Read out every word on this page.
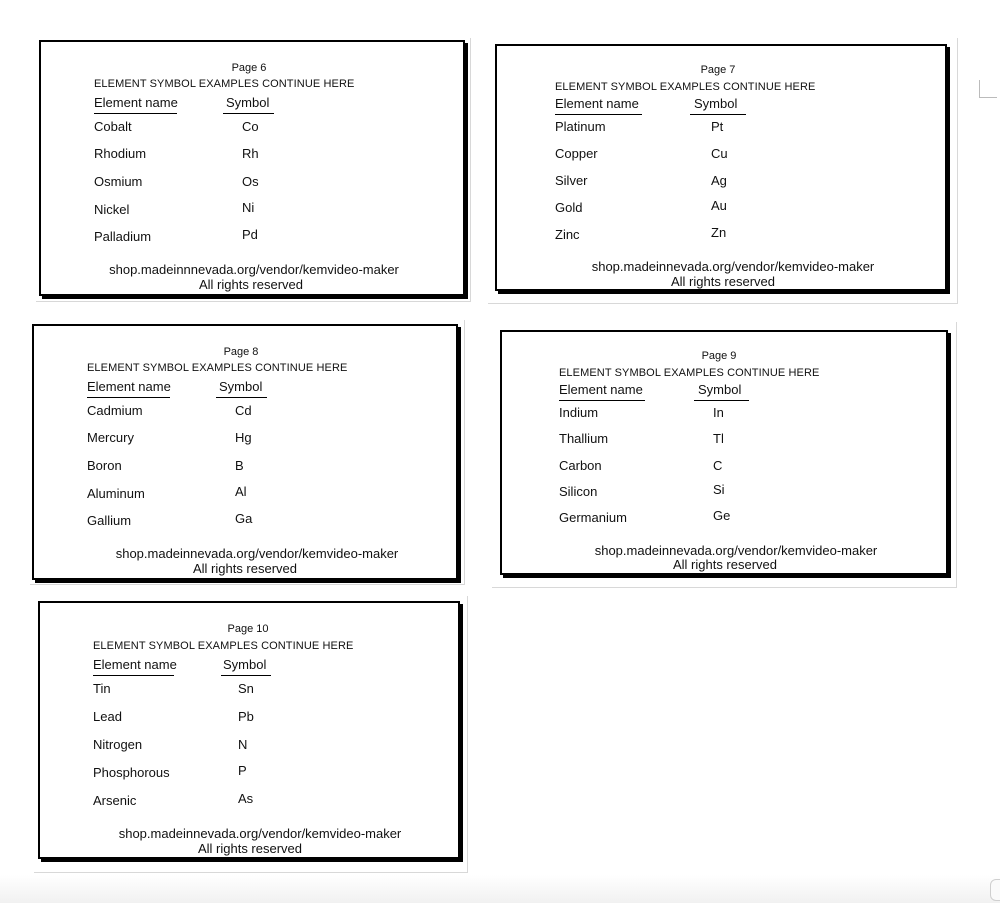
Page 6
ELEMENT SYMBOL EXAMPLES CONTINUE HERE
Element name	Symbol
Cobalt	Co
Rhodium	Rh
Osmium	Os
Nickel	Ni
Palladium	Pd
shop.madeinnnevada.org/vendor/kemvideo-maker
All rights reserved
Page 7
ELEMENT SYMBOL EXAMPLES CONTINUE HERE
Element name	Symbol
Platinum	Pt
Copper	Cu
Silver	Ag
Gold	Au
Zinc	Zn
shop.madeinnevada.org/vendor/kemvideo-maker
All rights reserved
Page 8
ELEMENT SYMBOL EXAMPLES CONTINUE HERE
Element name	Symbol
Cadmium	Cd
Mercury	Hg
Boron	B
Aluminum	Al
Gallium	Ga
shop.madeinnevada.org/vendor/kemvideo-maker
All rights reserved
Page 9
ELEMENT SYMBOL EXAMPLES CONTINUE HERE
Element name	Symbol
Indium	In
Thallium	Tl
Carbon	C
Silicon	Si
Germanium	Ge
shop.madeinnevada.org/vendor/kemvideo-maker
All rights reserved
Page 10
ELEMENT SYMBOL EXAMPLES CONTINUE HERE
Element name	Symbol
Tin	Sn
Lead	Pb
Nitrogen	N
Phosphorous	P
Arsenic	As
shop.madeinnevada.org/vendor/kemvideo-maker
All rights reserved
